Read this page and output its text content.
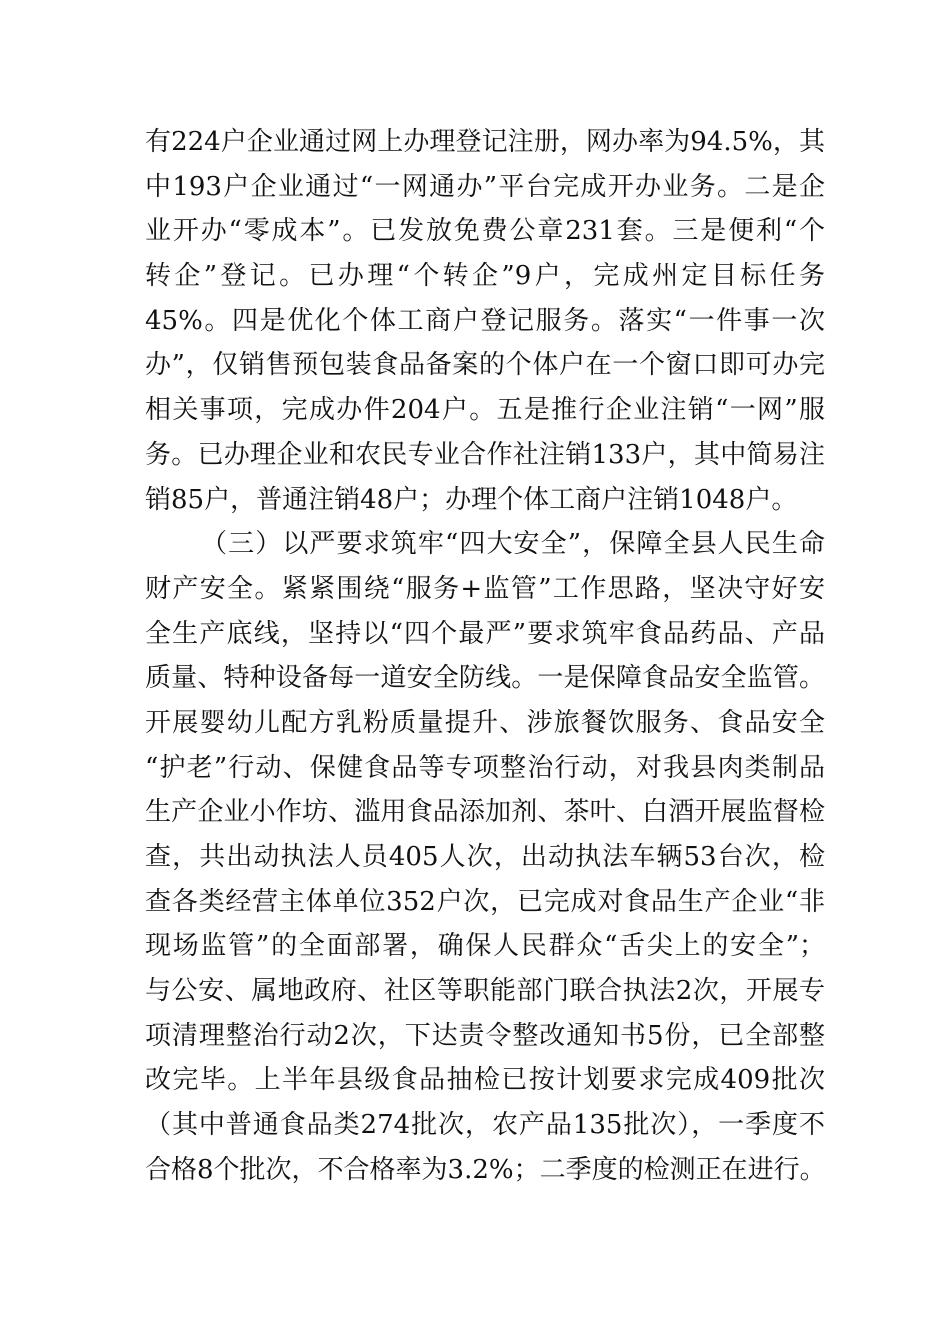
有224户企业通过网上办理登记注册，网办率为94.5%，其
中193户企业通过“一网通办”平台完成开办业务。二是企
业开办“零成本”。已发放免费公章231套。三是便利“个
转企”登记。已办理“个转企”9户，完成州定目标任务
45%。四是优化个体工商户登记服务。落实“一件事一次
办”，仅销售预包装食品备案的个体户在一个窗口即可办完
相关事项，完成办件204户。五是推行企业注销“一网”服
务。已办理企业和农民专业合作社注销133户，其中简易注
销85户，普通注销48户；办理个体工商户注销1048户。
（三）以严要求筑牢“四大安全”，保障全县人民生命
财产安全。紧紧围绕“服务+监管”工作思路，坚决守好安
全生产底线，坚持以“四个最严”要求筑牢食品药品、产品
质量、特种设备每一道安全防线。一是保障食品安全监管。
开展婴幼儿配方乳粉质量提升、涉旅餐饮服务、食品安全
“护老”行动、保健食品等专项整治行动，对我县肉类制品
生产企业小作坊、滥用食品添加剂、茶叶、白酒开展监督检
查，共出动执法人员405人次，出动执法车辆53台次，检
查各类经营主体单位352户次，已完成对食品生产企业“非
现场监管”的全面部署，确保人民群众“舌尖上的安全”；
与公安、属地政府、社区等职能部门联合执法2次，开展专
项清理整治行动2次，下达责令整改通知书5份，已全部整
改完毕。上半年县级食品抽检已按计划要求完成409批次
（其中普通食品类274批次，农产品135批次），一季度不
合格8个批次，不合格率为3.2%；二季度的检测正在进行。
